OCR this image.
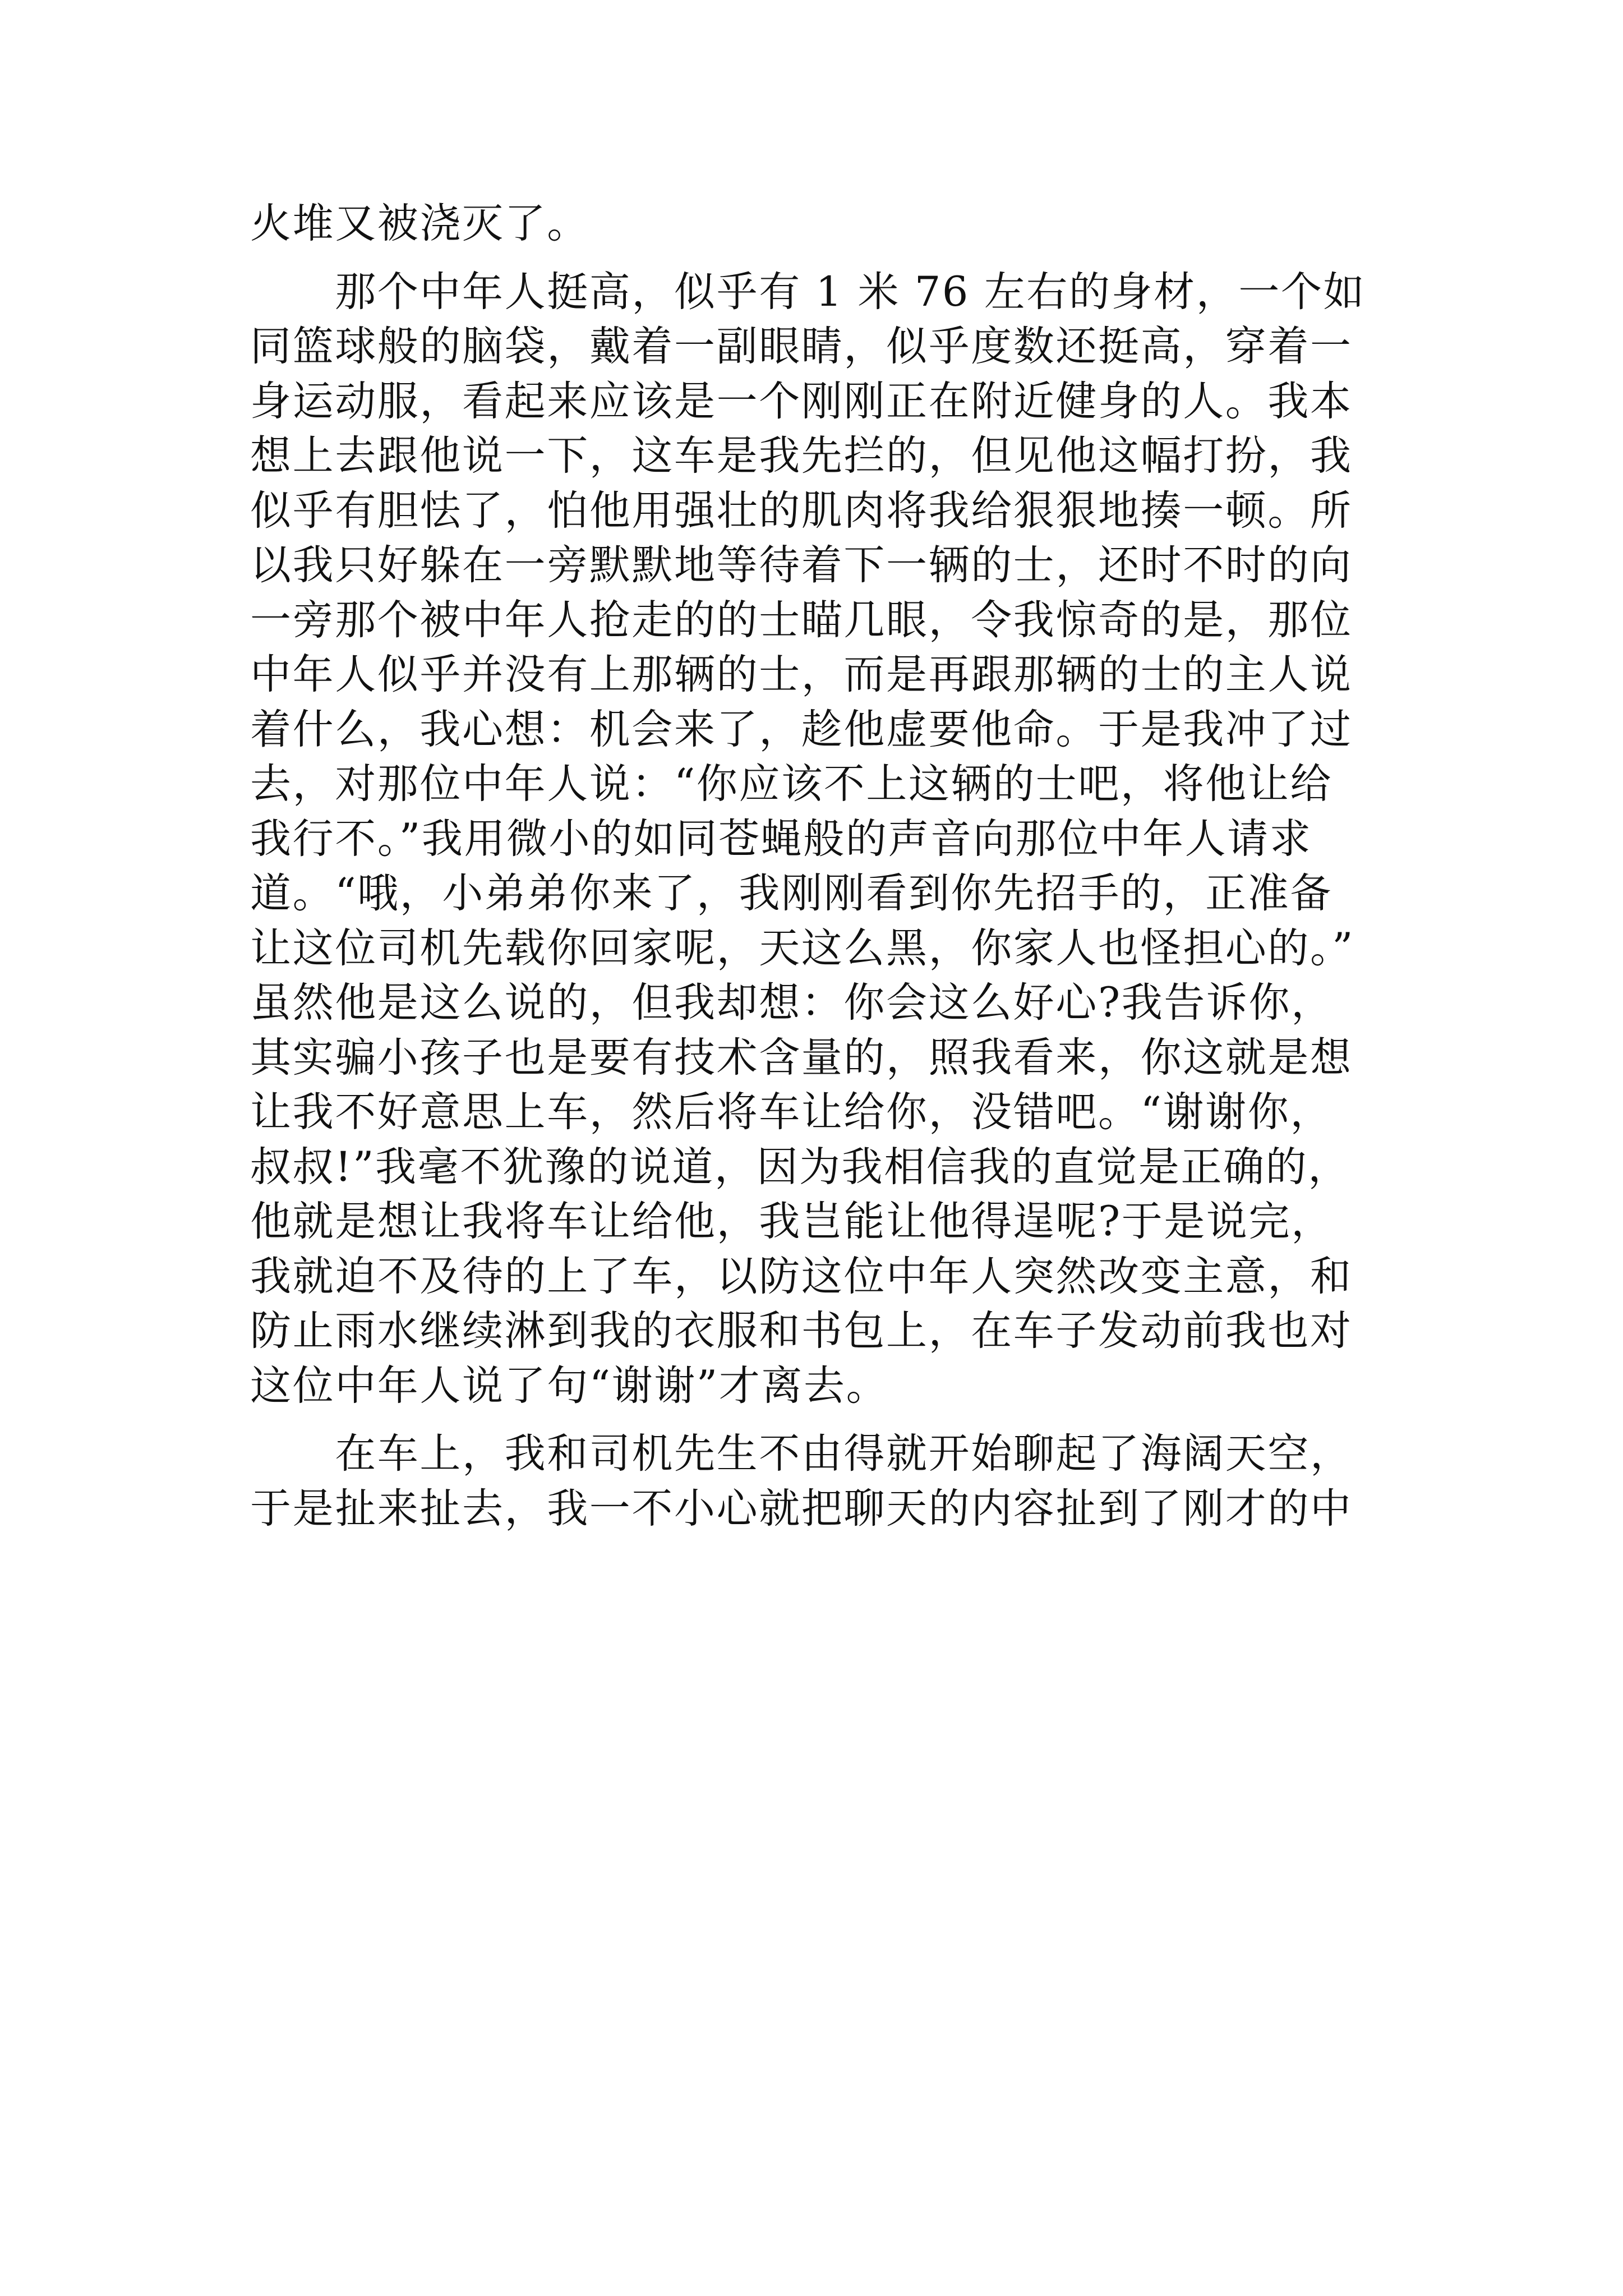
火堆又被浇灭了。
　　那个中年人挺高，似乎有 1 米 76 左右的身材，一个如
同篮球般的脑袋，戴着一副眼睛，似乎度数还挺高，穿着一
身运动服，看起来应该是一个刚刚正在附近健身的人。我本
想上去跟他说一下，这车是我先拦的，但见他这幅打扮，我
似乎有胆怯了，怕他用强壮的肌肉将我给狠狠地揍一顿。所
以我只好躲在一旁默默地等待着下一辆的士，还时不时的向
一旁那个被中年人抢走的的士瞄几眼，令我惊奇的是，那位
中年人似乎并没有上那辆的士，而是再跟那辆的士的主人说
着什么，我心想：机会来了，趁他虚要他命。于是我冲了过
去，对那位中年人说：“你应该不上这辆的士吧，将他让给
我行不。”我用微小的如同苍蝇般的声音向那位中年人请求
道。“哦，小弟弟你来了，我刚刚看到你先招手的，正准备
让这位司机先载你回家呢，天这么黑，你家人也怪担心的。”
虽然他是这么说的，但我却想：你会这么好心?我告诉你，
其实骗小孩子也是要有技术含量的，照我看来，你这就是想
让我不好意思上车，然后将车让给你，没错吧。“谢谢你，
叔叔!”我毫不犹豫的说道，因为我相信我的直觉是正确的，
他就是想让我将车让给他，我岂能让他得逞呢?于是说完，
我就迫不及待的上了车，以防这位中年人突然改变主意，和
防止雨水继续淋到我的衣服和书包上，在车子发动前我也对
这位中年人说了句“谢谢”才离去。
　　在车上，我和司机先生不由得就开始聊起了海阔天空，
于是扯来扯去，我一不小心就把聊天的内容扯到了刚才的中
